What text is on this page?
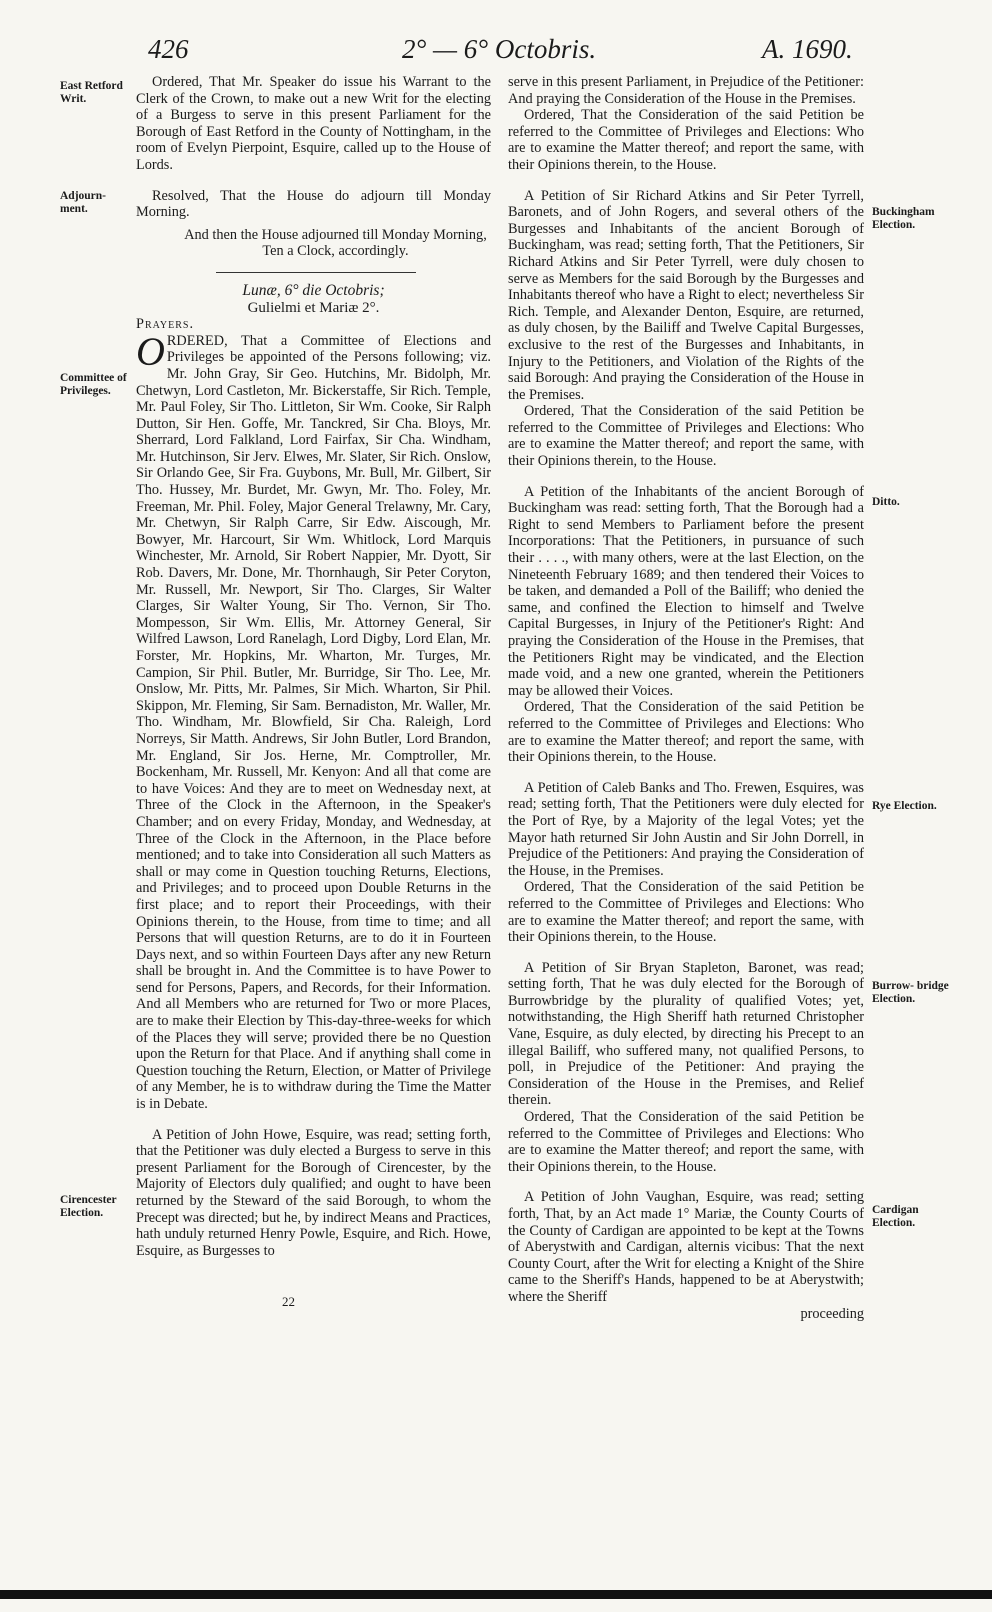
426	2° — 6° Octobris.	A. 1690.
East Retford Writ.
Adjourn- ment.
Committee of Privileges.
Cirencester Election.
Buckingham Election.
Ditto.
Rye Election.
Burrow- bridge Election.
Cardigan Election.

Ordered, That Mr. Speaker do issue his Warrant to the Clerk of the Crown, to make out a new Writ for the electing of a Burgess to serve in this present Parliament for the Borough of East Retford in the County of Nottingham, in the room of Evelyn Pierpoint, Esquire, called up to the House of Lords.

Resolved, That the House do adjourn till Monday Morning.

And then the House adjourned till Monday Morning, Ten a Clock, accordingly.

Lunæ, 6° die Octobris;

Gulielmi et Mariæ 2°.

Prayers.

ORDERED, That a Committee of Elections and Privileges be appointed of the Persons following; viz. Mr. John Gray, Sir Geo. Hutchins, Mr. Bidolph, Mr. Chetwyn, Lord Castleton, Mr. Bickerstaffe, Sir Rich. Temple, Mr. Paul Foley, Sir Tho. Littleton, Sir Wm. Cooke, Sir Ralph Dutton, Sir Hen. Goffe, Mr. Tanckred, Sir Cha. Bloys, Mr. Sherrard, Lord Falkland, Lord Fairfax, Sir Cha. Windham, Mr. Hutchinson, Sir Jerv. Elwes, Mr. Slater, Sir Rich. Onslow, Sir Orlando Gee, Sir Fra. Guybons, Mr. Bull, Mr. Gilbert, Sir Tho. Hussey, Mr. Burdet, Mr. Gwyn, Mr. Tho. Foley, Mr. Freeman, Mr. Phil. Foley, Major General Trelawny, Mr. Cary, Mr. Chetwyn, Sir Ralph Carre, Sir Edw. Aiscough, Mr. Bowyer, Mr. Harcourt, Sir Wm. Whitlock, Lord Marquis Winchester, Mr. Arnold, Sir Robert Nappier, Mr. Dyott, Sir Rob. Davers, Mr. Done, Mr. Thornhaugh, Sir Peter Coryton, Mr. Russell, Mr. Newport, Sir Tho. Clarges, Sir Walter Clarges, Sir Walter Young, Sir Tho. Vernon, Sir Tho. Mompesson, Sir Wm. Ellis, Mr. Attorney General, Sir Wilfred Lawson, Lord Ranelagh, Lord Digby, Lord Elan, Mr. Forster, Mr. Hopkins, Mr. Wharton, Mr. Turges, Mr. Campion, Sir Phil. Butler, Mr. Burridge, Sir Tho. Lee, Mr. Onslow, Mr. Pitts, Mr. Palmes, Sir Mich. Wharton, Sir Phil. Skippon, Mr. Fleming, Sir Sam. Bernadiston, Mr. Waller, Mr. Tho. Windham, Mr. Blowfield, Sir Cha. Raleigh, Lord Norreys, Sir Matth. Andrews, Sir John Butler, Lord Brandon, Mr. England, Sir Jos. Herne, Mr. Comptroller, Mr. Bockenham, Mr. Russell, Mr. Kenyon: And all that come are to have Voices: And they are to meet on Wednesday next, at Three of the Clock in the Afternoon, in the Speaker's Chamber; and on every Friday, Monday, and Wednesday, at Three of the Clock in the Afternoon, in the Place before mentioned; and to take into Consideration all such Matters as shall or may come in Question touching Returns, Elections, and Privileges; and to proceed upon Double Returns in the first place; and to report their Proceedings, with their Opinions therein, to the House, from time to time; and all Persons that will question Returns, are to do it in Fourteen Days next, and so within Fourteen Days after any new Return shall be brought in. And the Committee is to have Power to send for Persons, Papers, and Records, for their Information. And all Members who are returned for Two or more Places, are to make their Election by This-day-three-weeks for which of the Places they will serve; provided there be no Question upon the Return for that Place. And if anything shall come in Question touching the Return, Election, or Matter of Privilege of any Member, he is to withdraw during the Time the Matter is in Debate.

A Petition of John Howe, Esquire, was read; setting forth, that the Petitioner was duly elected a Burgess to serve in this present Parliament for the Borough of Cirencester, by the Majority of Electors duly qualified; and ought to have been returned by the Steward of the said Borough, to whom the Precept was directed; but he, by indirect Means and Practices, hath unduly returned Henry Powle, Esquire, and Rich. Howe, Esquire, as Burgesses to

serve in this present Parliament, in Prejudice of the Petitioner: And praying the Consideration of the House in the Premises.

Ordered, That the Consideration of the said Petition be referred to the Committee of Privileges and Elections: Who are to examine the Matter thereof; and report the same, with their Opinions therein, to the House.

A Petition of Sir Richard Atkins and Sir Peter Tyrrell, Baronets, and of John Rogers, and several others of the Burgesses and Inhabitants of the ancient Borough of Buckingham, was read; setting forth, That the Petitioners, Sir Richard Atkins and Sir Peter Tyrrell, were duly chosen to serve as Members for the said Borough by the Burgesses and Inhabitants thereof who have a Right to elect; nevertheless Sir Rich. Temple, and Alexander Denton, Esquire, are returned, as duly chosen, by the Bailiff and Twelve Capital Burgesses, exclusive to the rest of the Burgesses and Inhabitants, in Injury to the Petitioners, and Violation of the Rights of the said Borough: And praying the Consideration of the House in the Premises.

Ordered, That the Consideration of the said Petition be referred to the Committee of Privileges and Elections: Who are to examine the Matter thereof; and report the same, with their Opinions therein, to the House.

A Petition of the Inhabitants of the ancient Borough of Buckingham was read: setting forth, That the Borough had a Right to send Members to Parliament before the present Incorporations: That the Petitioners, in pursuance of such their . . . ., with many others, were at the last Election, on the Nineteenth February 1689; and then tendered their Voices to be taken, and demanded a Poll of the Bailiff; who denied the same, and confined the Election to himself and Twelve Capital Burgesses, in Injury of the Petitioner's Right: And praying the Consideration of the House in the Premises, that the Petitioners Right may be vindicated, and the Election made void, and a new one granted, wherein the Petitioners may be allowed their Voices.

Ordered, That the Consideration of the said Petition be referred to the Committee of Privileges and Elections: Who are to examine the Matter thereof; and report the same, with their Opinions therein, to the House.

A Petition of Caleb Banks and Tho. Frewen, Esquires, was read; setting forth, That the Petitioners were duly elected for the Port of Rye, by a Majority of the legal Votes; yet the Mayor hath returned Sir John Austin and Sir John Dorrell, in Prejudice of the Petitioners: And praying the Consideration of the House, in the Premises.

Ordered, That the Consideration of the said Petition be referred to the Committee of Privileges and Elections: Who are to examine the Matter thereof; and report the same, with their Opinions therein, to the House.

A Petition of Sir Bryan Stapleton, Baronet, was read; setting forth, That he was duly elected for the Borough of Burrowbridge by the plurality of qualified Votes; yet, notwithstanding, the High Sheriff hath returned Christopher Vane, Esquire, as duly elected, by directing his Precept to an illegal Bailiff, who suffered many, not qualified Persons, to poll, in Prejudice of the Petitioner: And praying the Consideration of the House in the Premises, and Relief therein.

Ordered, That the Consideration of the said Petition be referred to the Committee of Privileges and Elections: Who are to examine the Matter thereof; and report the same, with their Opinions therein, to the House.

A Petition of John Vaughan, Esquire, was read; setting forth, That, by an Act made 1° Mariæ, the County Courts of the County of Cardigan are appointed to be kept at the Towns of Aberystwith and Cardigan, alternis vicibus: That the next County Court, after the Writ for electing a Knight of the Shire came to the Sheriff's Hands, happened to be at Aberystwith; where the Sheriff

proceeding

22
